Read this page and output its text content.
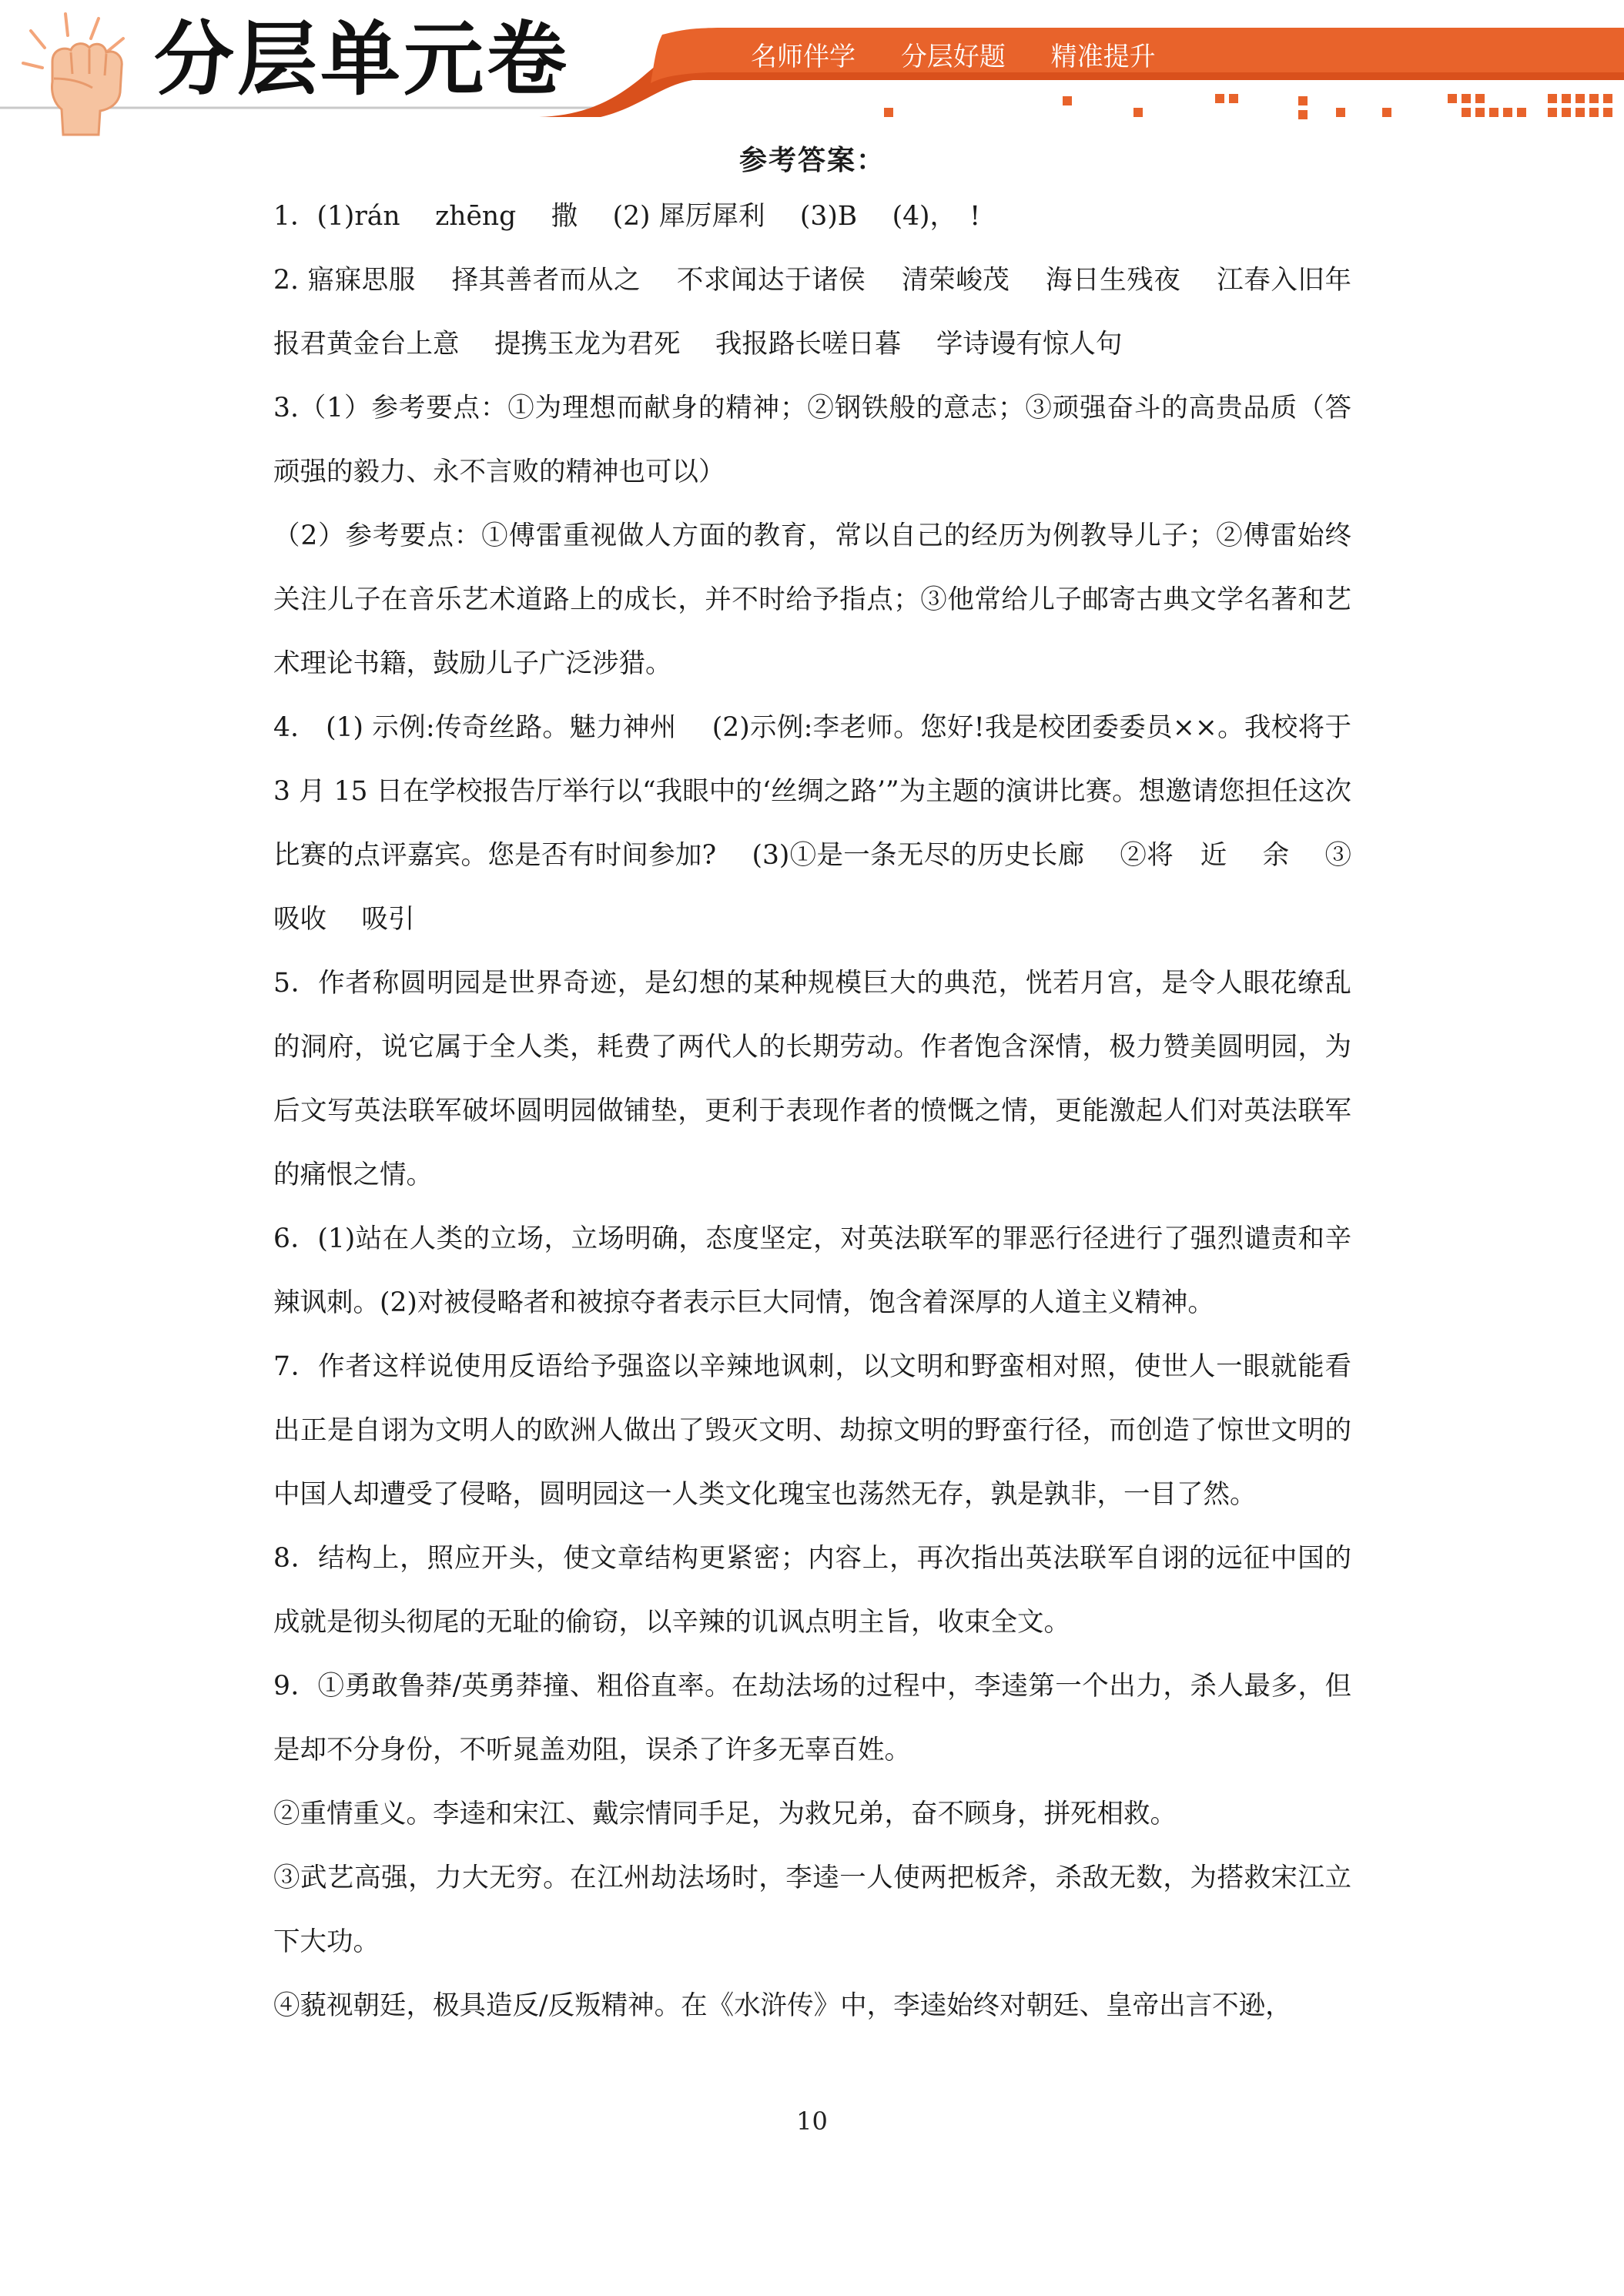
分层单元卷	名师伴学 分层好题 精准提升

参考答案：

1．(1)rán　 zhēng　 撒　 (2) 犀厉犀利　 (3)B　 (4)，　!

2. 寤寐思服　 择其善者而从之　 不求闻达于诸侯　 清荣峻茂　 海日生残夜　 江春入旧年　 报君黄金台上意　 提携玉龙为君死　 我报路长嗟日暮　 学诗谩有惊人句

3.（1）参考要点：①为理想而献身的精神；②钢铁般的意志；③顽强奋斗的高贵品质（答顽强的毅力、永不言败的精神也可以）

（2）参考要点：①傅雷重视做人方面的教育，常以自己的经历为例教导儿子；②傅雷始终关注儿子在音乐艺术道路上的成长，并不时给予指点；③他常给儿子邮寄古典文学名著和艺术理论书籍，鼓励儿子广泛涉猎。

4.　(1) 示例:传奇丝路。魅力神州　 (2)示例:李老师。您好!我是校团委委员××。我校将于 3 月 15 日在学校报告厅举行以“我眼中的‘丝绸之路’”为主题的演讲比赛。想邀请您担任这次比赛的点评嘉宾。您是否有时间参加?　 (3)①是一条无尽的历史长廊　 ②将　近　 余　 ③吸收　 吸引

5．作者称圆明园是世界奇迹，是幻想的某种规模巨大的典范，恍若月宫，是令人眼花缭乱的洞府，说它属于全人类，耗费了两代人的长期劳动。作者饱含深情，极力赞美圆明园，为后文写英法联军破坏圆明园做铺垫，更利于表现作者的愤慨之情，更能激起人们对英法联军的痛恨之情。

6．(1)站在人类的立场，立场明确，态度坚定，对英法联军的罪恶行径进行了强烈谴责和辛辣讽刺。(2)对被侵略者和被掠夺者表示巨大同情，饱含着深厚的人道主义精神。

7．作者这样说使用反语给予强盗以辛辣地讽刺，以文明和野蛮相对照，使世人一眼就能看出正是自诩为文明人的欧洲人做出了毁灭文明、劫掠文明的野蛮行径，而创造了惊世文明的中国人却遭受了侵略，圆明园这一人类文化瑰宝也荡然无存，孰是孰非，一目了然。

8．结构上，照应开头，使文章结构更紧密；内容上，再次指出英法联军自诩的远征中国的成就是彻头彻尾的无耻的偷窃，以辛辣的讥讽点明主旨，收束全文。

9．①勇敢鲁莽/英勇莽撞、粗俗直率。在劫法场的过程中，李逵第一个出力，杀人最多，但是却不分身份，不听晁盖劝阻，误杀了许多无辜百姓。

②重情重义。李逵和宋江、戴宗情同手足，为救兄弟，奋不顾身，拼死相救。

③武艺高强，力大无穷。在江州劫法场时，李逵一人使两把板斧，杀敌无数，为搭救宋江立下大功。

④藐视朝廷，极具造反/反叛精神。在《水浒传》中，李逵始终对朝廷、皇帝出言不逊，

10
